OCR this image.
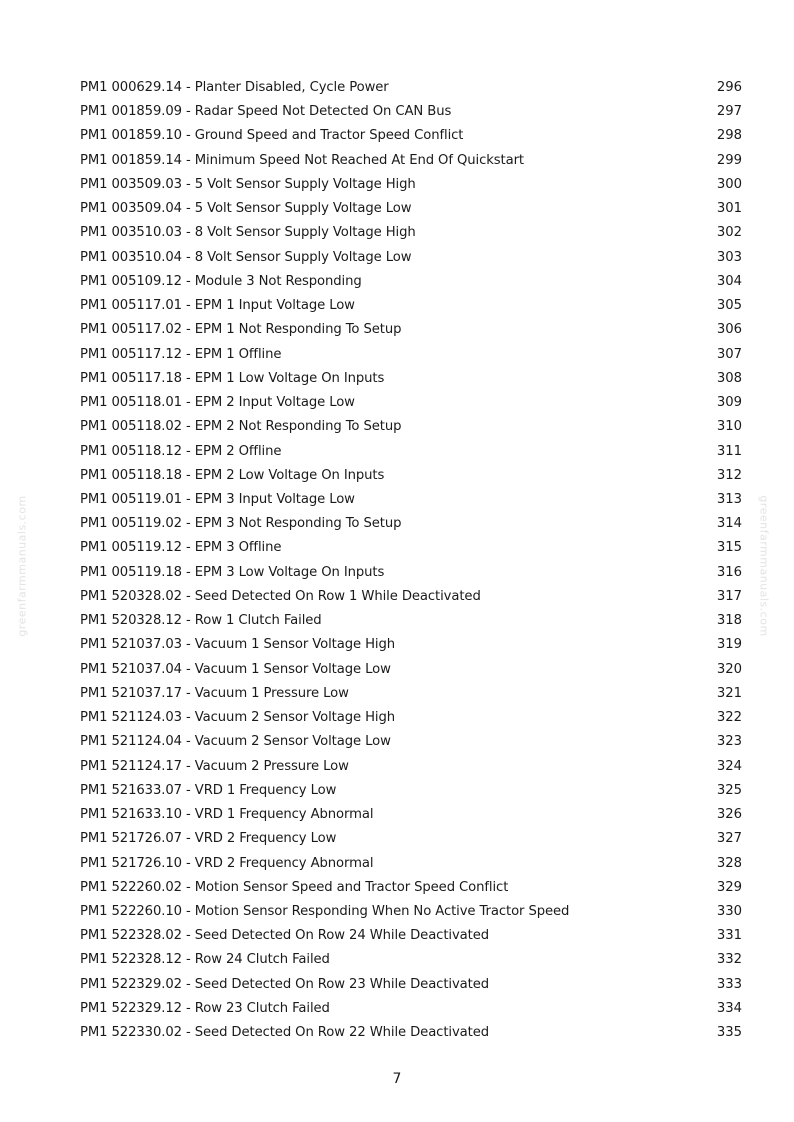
greenfarmmanuals.com	greenfarmmanuals.com
PM1 000629.14 - Planter Disabled, Cycle Power	296
PM1 001859.09 - Radar Speed Not Detected On CAN Bus	297
PM1 001859.10 - Ground Speed and Tractor Speed Conflict	298
PM1 001859.14 - Minimum Speed Not Reached At End Of Quickstart	299
PM1 003509.03 - 5 Volt Sensor Supply Voltage High	300
PM1 003509.04 - 5 Volt Sensor Supply Voltage Low	301
PM1 003510.03 - 8 Volt Sensor Supply Voltage High	302
PM1 003510.04 - 8 Volt Sensor Supply Voltage Low	303
PM1 005109.12 - Module 3 Not Responding	304
PM1 005117.01 - EPM 1 Input Voltage Low	305
PM1 005117.02 - EPM 1 Not Responding To Setup	306
PM1 005117.12 - EPM 1 Offline	307
PM1 005117.18 - EPM 1 Low Voltage On Inputs	308
PM1 005118.01 - EPM 2 Input Voltage Low	309
PM1 005118.02 - EPM 2 Not Responding To Setup	310
PM1 005118.12 - EPM 2 Offline	311
PM1 005118.18 - EPM 2 Low Voltage On Inputs	312
PM1 005119.01 - EPM 3 Input Voltage Low	313
PM1 005119.02 - EPM 3 Not Responding To Setup	314
PM1 005119.12 - EPM 3 Offline	315
PM1 005119.18 - EPM 3 Low Voltage On Inputs	316
PM1 520328.02 - Seed Detected On Row 1 While Deactivated	317
PM1 520328.12 - Row 1 Clutch Failed	318
PM1 521037.03 - Vacuum 1 Sensor Voltage High	319
PM1 521037.04 - Vacuum 1 Sensor Voltage Low	320
PM1 521037.17 - Vacuum 1 Pressure Low	321
PM1 521124.03 - Vacuum 2 Sensor Voltage High	322
PM1 521124.04 - Vacuum 2 Sensor Voltage Low	323
PM1 521124.17 - Vacuum 2 Pressure Low	324
PM1 521633.07 - VRD 1 Frequency Low	325
PM1 521633.10 - VRD 1 Frequency Abnormal	326
PM1 521726.07 - VRD 2 Frequency Low	327
PM1 521726.10 - VRD 2 Frequency Abnormal	328
PM1 522260.02 - Motion Sensor Speed and Tractor Speed Conflict	329
PM1 522260.10 - Motion Sensor Responding When No Active Tractor Speed	330
PM1 522328.02 - Seed Detected On Row 24 While Deactivated	331
PM1 522328.12 - Row 24 Clutch Failed	332
PM1 522329.02 - Seed Detected On Row 23 While Deactivated	333
PM1 522329.12 - Row 23 Clutch Failed	334
PM1 522330.02 - Seed Detected On Row 22 While Deactivated	335
7
